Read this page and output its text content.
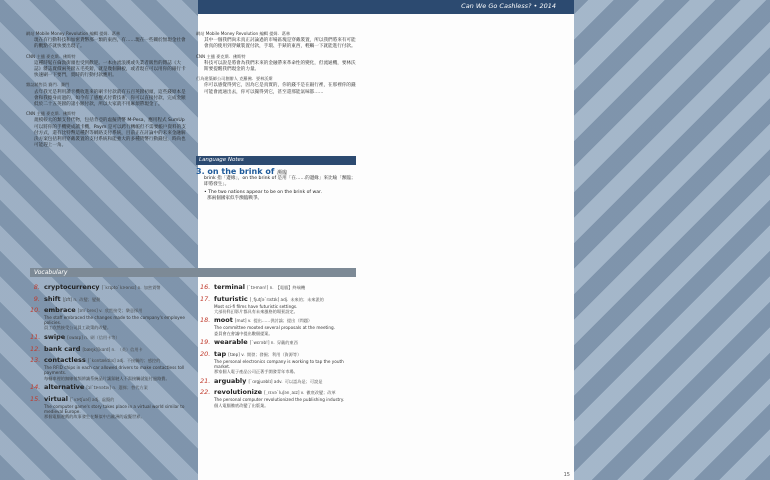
Can We Go Cashless? • 2014
15
網站 Mobile Money Revolution 編輯 提姆．葛林
現在有行動科技和加密貨幣那一類的東西，有……現在一些關於無現金社會的觀點不就快要出現了。
CNN 主播 麥克斯．佛斯特
這種時髦在倫敦街頭也受到歡迎。一本由流浪漢或失業者販售的雜誌《大誌》雜誌賣價兩英鎊五毛英鎊，就是幾個銅板，或者現在可以用你的銀行卡快速刷一下要門，賣時的行動付款應用。
雜誌銷售員 賽門．賽門
去年我光是利用讀卡機收進來的刷卡付款就有五百英鎊初頭，這些錢原本是會和我擦身而過的，如今有了感應式付費技術，你可以直接付款，完成金額低於二十五英鎊的諸小額付款，所以大家就不用麻煩帶現金了。
CNN 主播 麥克斯．佛斯特
規模較大的類支替代物，包括肯亞的虛擬貨幣 M-Pesa，應用程式 SumUp 可以將你的手機變成讀卡機，Paym 是可以跨行轉帳但不需要帳戶資料的支付方式，還有比特幣這種對等網路支付系統，目前正在討論中的未來金融解決方案包括利用穿戴裝置的支付系統和能強大的多種貨幣行動錢包，時尚也可能趕上一角。
網站 Mobile Money Revolution 編輯 提姆．葛林
其中一個我們尚未真正討論過的市場區塊是穿戴裝置，所以我們將來有可能會真的使用到穿戴裝置付款，手環、手錶的東西，輕觸一下就能進行付款。
CNN 主播 麥克斯．佛斯特
科技可以說是將會為我們未來的金融帶來革命性的變化，但流通機，要林沃斯要提醒我們現金的力量。
行為建築師公司創辦人 克羅佛．要林沃斯
你可以感覺得到它，因為它是真實的，你的錢不是在銀行裡，在那裡你的錢可能會流通出去，你可以獨得到它，甚至還那能氣味都……
Language Notes
3. on the brink of 瀕臨
brink 指「邊緣」，on the brink of 是用「在……的邊緣」來比喻「瀕臨；即將發生」。
• The two nations appear to be on the brink of war.
那兩個國家似乎瀕臨戰爭。
Vocabulary
8. cryptocurrency [ˋkrɪpto`kɝənsɪ] n. 加密貨幣
9. shift [ʃɪft] n. 改變；變動
10. embrace [ɪmˋbres] v. 欣然接受；樂意採用
The staff embraced the changes made to the company's employee policies.
員工欣然接受公司員工政策的改變。
11. swipe [swaɪp] n. 刷（信用卡等）
12. bank card [bæŋk][kɑrd] n. （英）信用卡
13. contactless [ˋkɑntæktlɪs] adj. 不接觸的；感控的
The RFID chips in each car allowed drivers to make contactless toll payments.
每輛車裡的無線射頻辨識系統晶片讓駕駛人不需接觸就能付過路費。
14. alternative [ɔlˋtɝnətɪv] n. 選擇；替代方案
15. virtual [ˋvɝtʃuəl] adj. 虛擬的
The computer game's story takes place in a virtual world similar to medieval Europe.
那個電腦遊戲的故事發生在類似中古歐洲的虛擬世界。
16. terminal [ˋtɝmən!] n. 【電腦】終端機
17. futuristic [ˏfjutʃəˋrɪstɪk] adj. 未來的；未來派的
Most sci-fi films have futuristic settings.
大部份科幻影片都具有未來風格的場景設定。
18. moot [mut] v. 提出……供討論；提出（問題）
The committee mooted several proposals at the meeting.
委員會在會議中提出數個提案。
19. wearable [ˋwɛrəb!] n. 穿戴的東西
20. tap [tæp] v. 開發；發掘；利用（資源等）
The personal electronics company is working to tap the youth market.
那家個人電子產品公司正著手開發青年市場。
21. arguably [ˋɑrgjuəblɪ] adv. 可以認為是；可說是
22. revolutionize [ˏrɛvəˋluʃənˏaɪz] v. 徹底改變；改革
The personal computer revolutionized the publishing industry.
個人電腦徹底改變了出版業。
